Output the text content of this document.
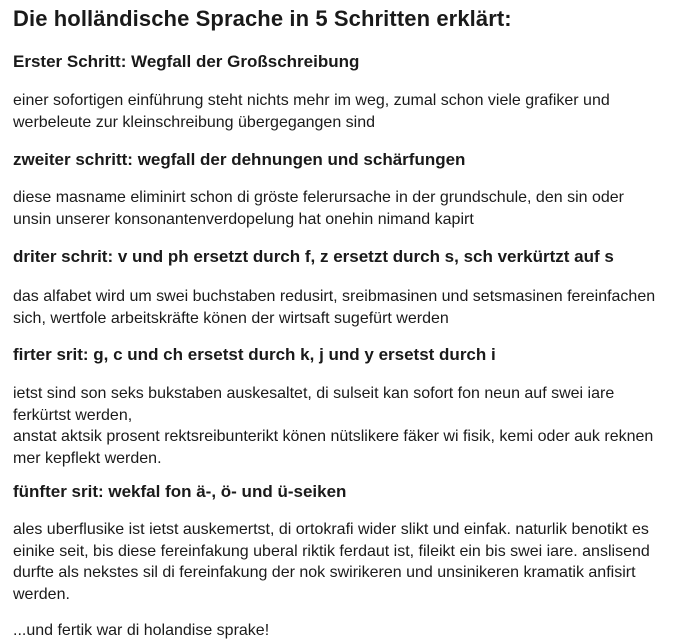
Die holländische Sprache in 5 Schritten erklärt:
Erster Schritt: Wegfall der Großschreibung
einer sofortigen einführung steht nichts mehr im weg, zumal schon viele grafiker und
werbeleute zur kleinschreibung übergegangen sind
zweiter schritt: wegfall der dehnungen und schärfungen
diese masname eliminirt schon di gröste felerursache in der grundschule, den sin oder
unsin unserer konsonantenverdopelung hat onehin nimand kapirt
driter schrit: v und ph ersetzt durch f, z ersetzt durch s, sch verkürtzt auf s
das alfabet wird um swei buchstaben redusirt, sreibmasinen und setsmasinen fereinfachen
sich, wertfole arbeitskräfte könen der wirtsaft sugefürt werden
firter srit: g, c und ch ersetst durch k, j und y ersetst durch i
ietst sind son seks bukstaben auskesaltet, di sulseit kan sofort fon neun auf swei iare
ferkürtst werden,
anstat aktsik prosent rektsreibunterikt könen nütslikere fäker wi fisik, kemi oder auk reknen
mer kepflekt werden.
fünfter srit: wekfal fon ä-, ö- und ü-seiken
ales uberflusike ist ietst auskemertst, di ortokrafi wider slikt und einfak. naturlik benotikt es
einike seit, bis diese fereinfakung uberal riktik ferdaut ist, fileikt ein bis swei iare. anslisend
durfte als nekstes sil di fereinfakung der nok swirikeren und unsinikeren kramatik anfisirt
werden.
...und fertik war di holandise sprake!
